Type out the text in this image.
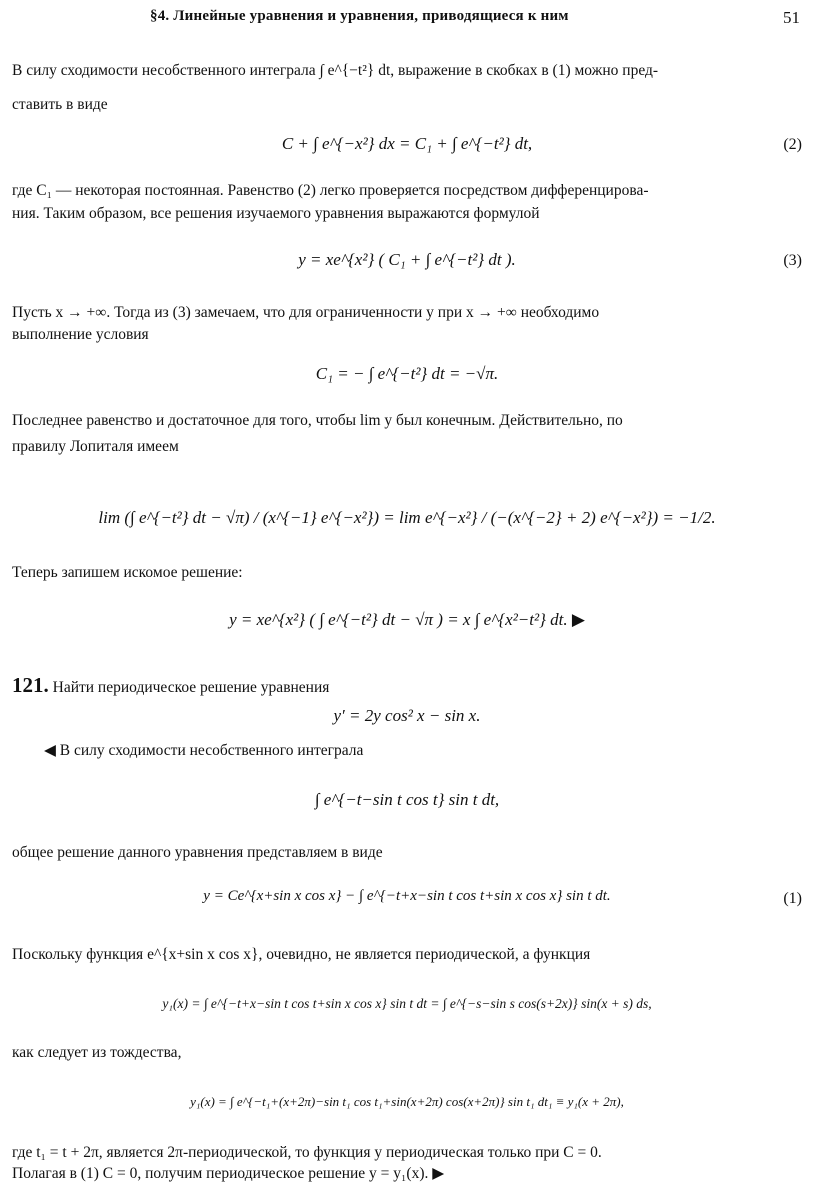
§4. Линейные уравнения и уравнения, приводящиеся к ним	51
В силу сходимости несобственного интеграла ∫ e^{−t²} dt, выражение в скобках в (1) можно пред-
ставить в виде
C + ∫ e^{−x²} dx = C₁ + ∫ e^{−t²} dt,	(2)
где C₁ — некоторая постоянная. Равенство (2) легко проверяется посредством дифференцирова-
ния. Таким образом, все решения изучаемого уравнения выражаются формулой
y = xe^{x²} ( C₁ + ∫ e^{−t²} dt ).	(3)
Пусть x → +∞. Тогда из (3) замечаем, что для ограниченности y при x → +∞ необходимо
выполнение условия
C₁ = − ∫ e^{−t²} dt = −√π.
Последнее равенство и достаточное для того, чтобы lim y был конечным. Действительно, по
правилу Лопиталя имеем
lim (∫ e^{−t²} dt − √π) / (x^{−1} e^{−x²}) = lim e^{−x²} / (−(x^{−2} + 2) e^{−x²}) = −1/2.
Теперь запишем искомое решение:
y = xe^{x²} ( ∫ e^{−t²} dt − √π ) = x ∫ e^{x²−t²} dt. ▶
121. Найти периодическое решение уравнения
y′ = 2y cos² x − sin x.
◀ В силу сходимости несобственного интеграла
∫ e^{−t−sin t cos t} sin t dt,
общее решение данного уравнения представляем в виде
y = Ce^{x+sin x cos x} − ∫ e^{−t+x−sin t cos t+sin x cos x} sin t dt.	(1)
Поскольку функция e^{x+sin x cos x}, очевидно, не является периодической, а функция
y₁(x) = ∫ e^{−t+x−sin t cos t+sin x cos x} sin t dt = ∫ e^{−s−sin s cos(s+2x)} sin(x + s) ds,
как следует из тождества,
y₁(x) = ∫ e^{−t₁+(x+2π)−sin t₁ cos t₁+sin(x+2π) cos(x+2π)} sin t₁ dt₁ ≡ y₁(x + 2π),
где t₁ = t + 2π, является 2π-периодической, то функция y периодическая только при C = 0.
Полагая в (1) C = 0, получим периодическое решение y = y₁(x). ▶
